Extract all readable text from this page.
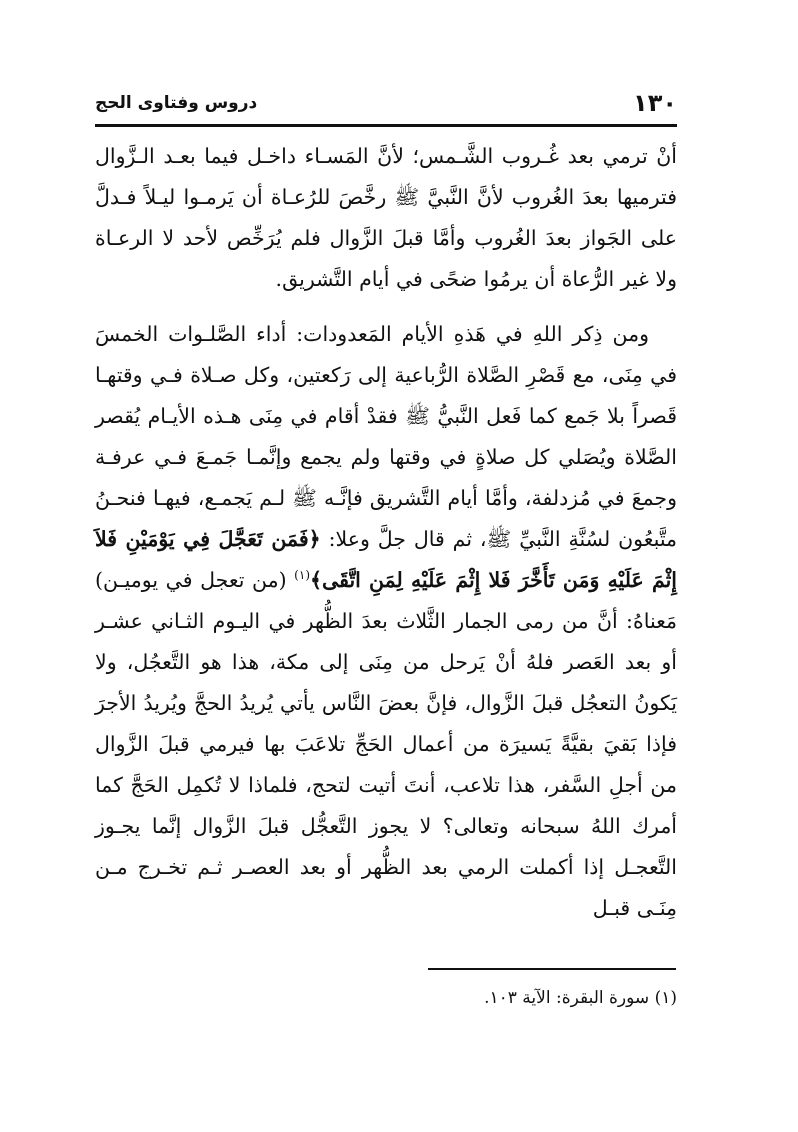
١٣٠
دروس وفتاوى الحج

أنْ ترمي بعد غُـروب الشَّـمس؛ لأنَّ المَسـاء داخـل فيما بعـد الـزَّوال فترميها بعدَ الغُروب لأنَّ النَّبيَّ ﷺ رخَّصَ للرُعـاة أن يَرمـوا ليـلاً فـدلَّ على الجَواز بعدَ الغُروب وأمَّا قبلَ الزَّوال فلم يُرَخِّص لأحد لا الرعـاة ولا غير الرُّعاة أن يرمُوا ضحًى في أيام التَّشريق.

ومن ذِكر اللهِ في هَذهِ الأيام المَعدودات: أداء الصَّلـوات الخمسَ في مِنَى، مع قَصْرِ الصَّلاة الرُّباعية إلى رَكعتين، وكل صـلاة فـي وقتهـا قَصراً بلا جَمع كما فَعل النَّبيُّ ﷺ فقدْ أقام في مِنَى هـذه الأيـام يُقصر الصَّلاة ويُصَلي كل صلاةٍ في وقتها ولم يجمع وإنَّمـا جَمـعَ فـي عرفـة وجمعَ في مُزدلفة، وأمَّا أيام التَّشريق فإنَّـه ﷺ لـم يَجمـع، فيهـا فنحـنُ متَّبعُون لسُنَّةِ النَّبيِّ ﷺ، ثم قال جلَّ وعلا: ﴿فَمَن تَعَجَّلَ فِي يَوْمَيْنِ فَلاَ إِثْمَ عَلَيْهِ وَمَن تَأَخَّرَ فَلا إِثْمَ عَلَيْهِ لِمَنِ اتَّقَى﴾$^{(١)}$ (من تعجل في يوميـن) مَعناهُ: أنَّ من رمى الجمار الثَّلاث بعدَ الظُّهر في اليـوم الثـاني عشـر أو بعد العَصر فلهُ أنْ يَرحل من مِنَى إلى مكة، هذا هو التَّعجُل، ولا يَكونُ التعجُل قبلَ الزَّوال، فإنَّ بعضَ النَّاس يأتي يُريدُ الحجَّ ويُريدُ الأجرَ فإذا بَقيَ بقيَّةً يَسيرَة من أعمال الحَجِّ تلاعَبَ بها فيرمي قبلَ الزَّوال من أجلِ السَّفر، هذا تلاعب، أنتَ أتيت لتحج، فلماذا لا تُكمِل الحَجَّ كما أمرك اللهُ سبحانه وتعالى؟ لا يجوز التَّعجُّل قبلَ الزَّوال إنَّما يجـوز التَّعجـل إذا أكملت الرمي بعد الظُّهر أو بعد العصـر ثـم تخـرج مـن مِنَـى قبـل

(١) سورة البقرة: الآية ١٠٣.
